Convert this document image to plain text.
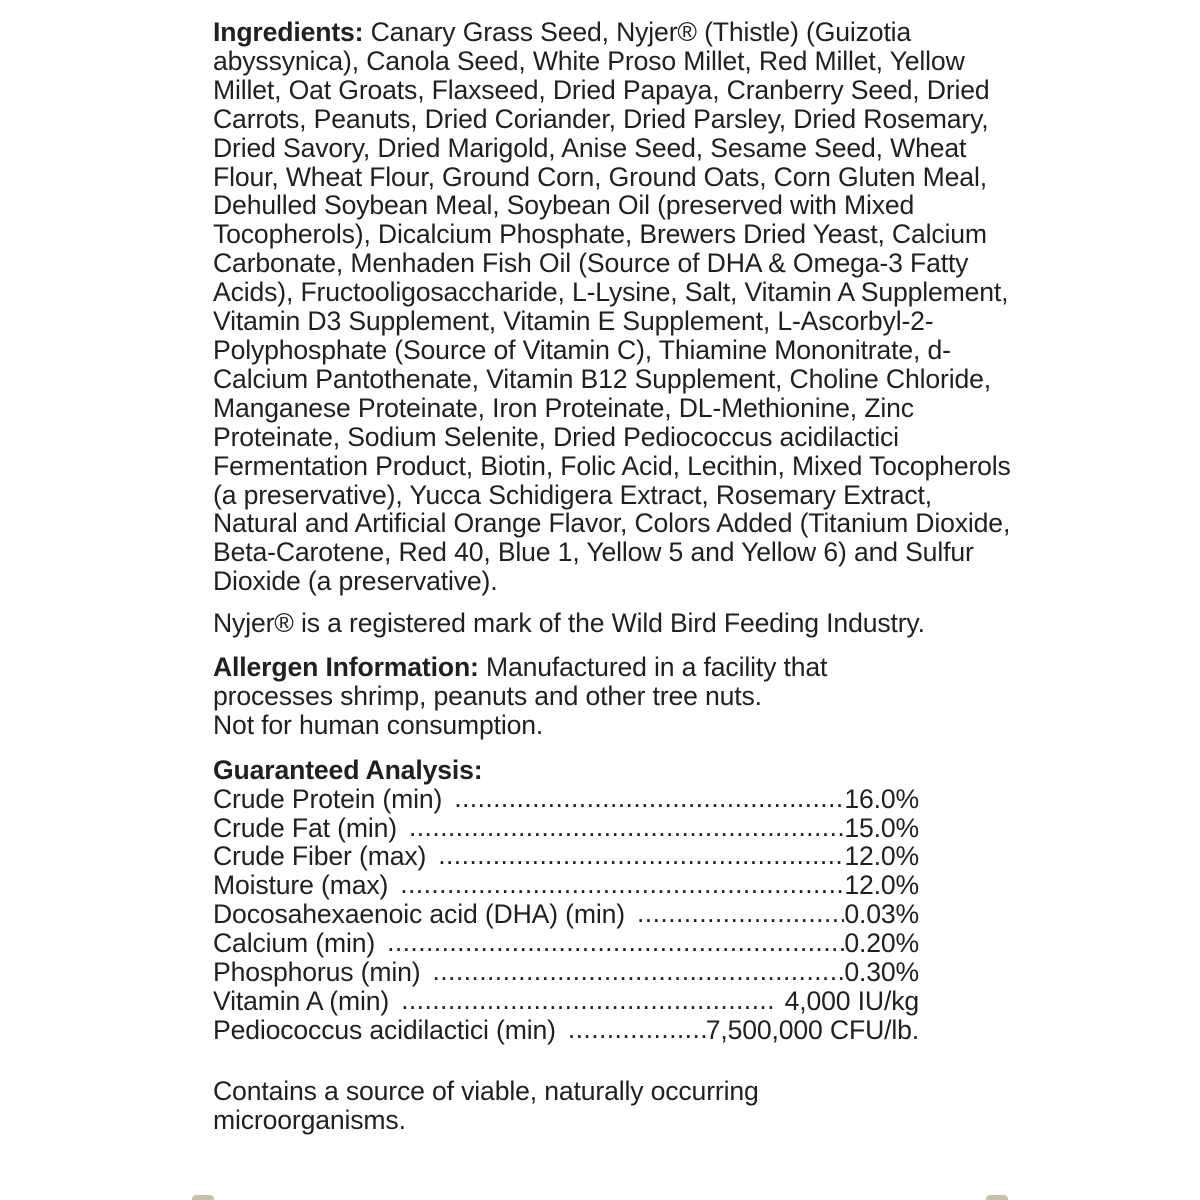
Ingredients: Canary Grass Seed, Nyjer® (Thistle) (Guizotia abyssynica), Canola Seed, White Proso Millet, Red Millet, Yellow Millet, Oat Groats, Flaxseed, Dried Papaya, Cranberry Seed, Dried Carrots, Peanuts, Dried Coriander, Dried Parsley, Dried Rosemary, Dried Savory, Dried Marigold, Anise Seed, Sesame Seed, Wheat Flour, Wheat Flour, Ground Corn, Ground Oats, Corn Gluten Meal, Dehulled Soybean Meal, Soybean Oil (preserved with Mixed Tocopherols), Dicalcium Phosphate, Brewers Dried Yeast, Calcium Carbonate, Menhaden Fish Oil (Source of DHA & Omega-3 Fatty Acids), Fructooligosaccharide, L-Lysine, Salt, Vitamin A Supplement, Vitamin D3 Supplement, Vitamin E Supplement, L-Ascorbyl-2-Polyphosphate (Source of Vitamin C), Thiamine Mononitrate, d-Calcium Pantothenate, Vitamin B12 Supplement, Choline Chloride, Manganese Proteinate, Iron Proteinate, DL-Methionine, Zinc Proteinate, Sodium Selenite, Dried Pediococcus acidilactici Fermentation Product, Biotin, Folic Acid, Lecithin, Mixed Tocopherols (a preservative), Yucca Schidigera Extract, Rosemary Extract, Natural and Artificial Orange Flavor, Colors Added (Titanium Dioxide, Beta-Carotene, Red 40, Blue 1, Yellow 5 and Yellow 6) and Sulfur Dioxide (a preservative).

Nyjer® is a registered mark of the Wild Bird Feeding Industry.

Allergen Information: Manufactured in a facility that
processes shrimp, peanuts and other tree nuts.
Not for human consumption.

Guaranteed Analysis:
Crude Protein (min) .....	16.0%
Crude Fat (min) .....	15.0%
Crude Fiber (max) .....	12.0%
Moisture (max) .....	12.0%
Docosahexaenoic acid (DHA) (min) .....	0.03%
Calcium (min) .....	0.20%
Phosphorus (min) .....	0.30%
Vitamin A (min) .....	4,000 IU/kg
Pediococcus acidilactici (min) .....	7,500,000 CFU/lb.

Contains a source of viable, naturally occurring
microorganisms.
